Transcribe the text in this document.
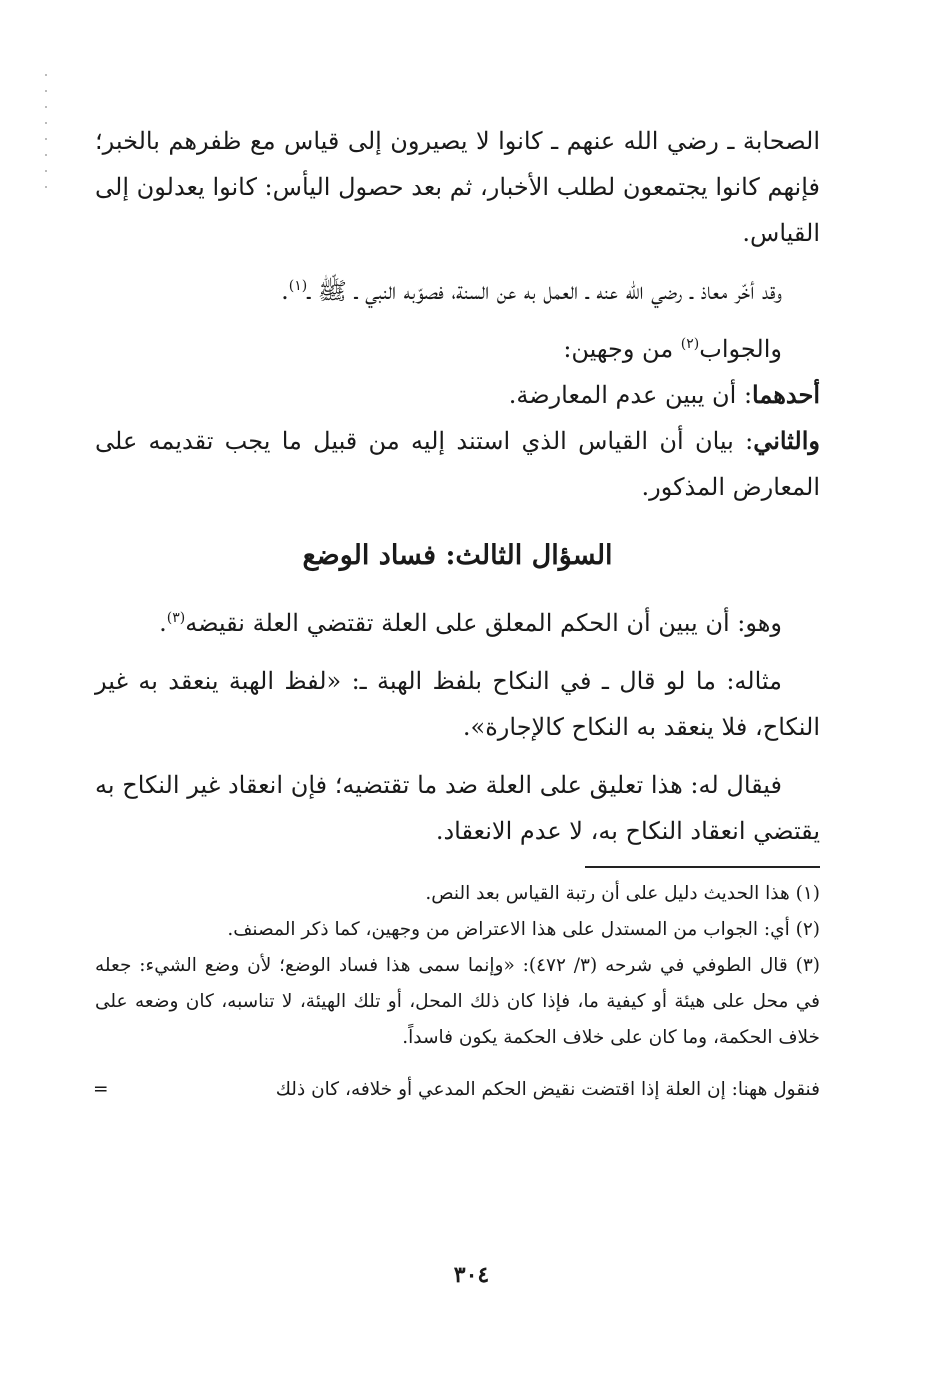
الصحابة ـ رضي الله عنهم ـ كانوا لا يصيرون إلى قياس مع ظفرهم بالخبر؛ فإنهم كانوا يجتمعون لطلب الأخبار، ثم بعد حصول اليأس: كانوا يعدلون إلى القياس.

وقد أخّر معاذ ـ رضي الله عنه ـ العمل به عن السنة، فصوّبه النبي ـ ﷺ ـ$^{(١)}$.

والجواب$^{(٢)}$ من وجهين:

أحدهما: أن يبين عدم المعارضة.

والثاني: بيان أن القياس الذي استند إليه من قبيل ما يجب تقديمه على المعارض المذكور.

السؤال الثالث: فساد الوضع

وهو: أن يبين أن الحكم المعلق على العلة تقتضي العلة نقيضه$^{(٣)}$.

مثاله: ما لو قال ـ في النكاح بلفظ الهبة ـ: «لفظ الهبة ينعقد به غير النكاح، فلا ينعقد به النكاح كالإجارة».

فيقال له: هذا تعليق على العلة ضد ما تقتضيه؛ فإن انعقاد غير النكاح به يقتضي انعقاد النكاح به، لا عدم الانعقاد.

(١) هذا الحديث دليل على أن رتبة القياس بعد النص.

(٢) أي: الجواب من المستدل على هذا الاعتراض من وجهين، كما ذكر المصنف.

(٣) قال الطوفي في شرحه (٣/ ٤٧٢): «وإنما سمى هذا فساد الوضع؛ لأن وضع الشيء: جعله في محل على هيئة أو كيفية ما، فإذا كان ذلك المحل، أو تلك الهيئة، لا تناسبه، كان وضعه على خلاف الحكمة، وما كان على خلاف الحكمة يكون فاسداً.

فنقول ههنا: إن العلة إذا اقتضت نقيض الحكم المدعي أو خلافه، كان ذلك
=

٣٠٤
